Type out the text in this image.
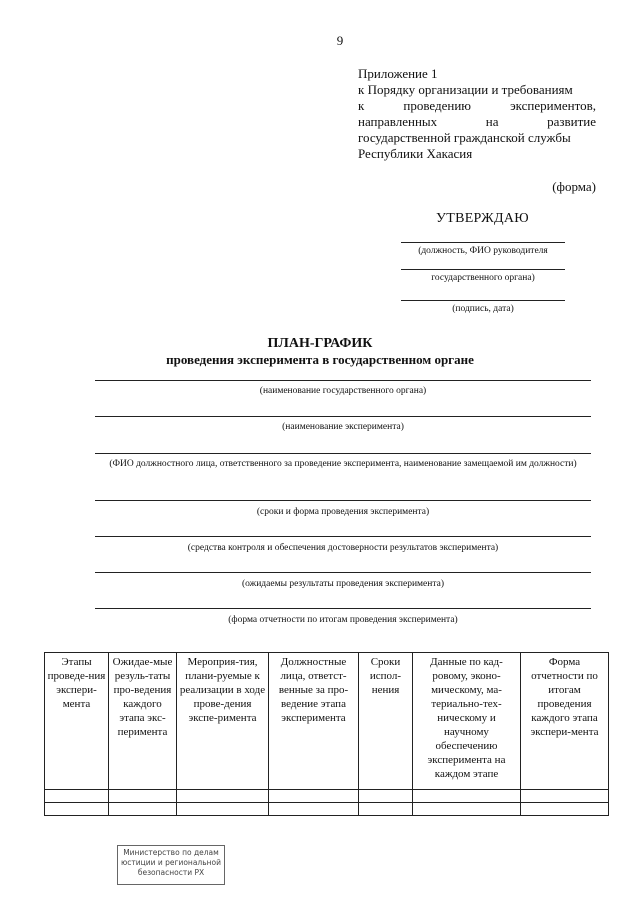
9
Приложение 1
к Порядку организации и требованиям
к	проведению	экспериментов,
направленных	на	развитие
государственной гражданской службы
Республики Хакасия
(форма)
УТВЕРЖДАЮ
(должность, ФИО руководителя
государственного органа)
(подпись, дата)
ПЛАН-ГРАФИК
проведения эксперимента в государственном органе
(наименование государственного органа)
(наименование эксперимента)
(ФИО должностного лица, ответственного за проведение эксперимента, наименование замещаемой им должности)
(сроки и форма проведения эксперимента)
(средства контроля и обеспечения достоверности результатов эксперимента)
(ожидаемы результаты проведения эксперимента)
(форма отчетности по итогам проведения эксперимента)
Этапы проведе-ния экспери-мента	Ожидае-мые резуль-таты про-ведения каждого этапа экс-перимента	Мероприя-тия, плани-руемые к реализации в ходе прове-дения экспе-римента	Должностные лица, ответст-венные за про-ведение этапа эксперимента	Сроки испол-нения	Данные по кад-ровому, эконо-мическому, ма-териально-тех-ническому и научному обеспечению эксперимента на каждом этапе	Форма отчетности по итогам проведения каждого этапа экспери-мента

Министерство по делам
юстиции и региональной
безопасности РХ
